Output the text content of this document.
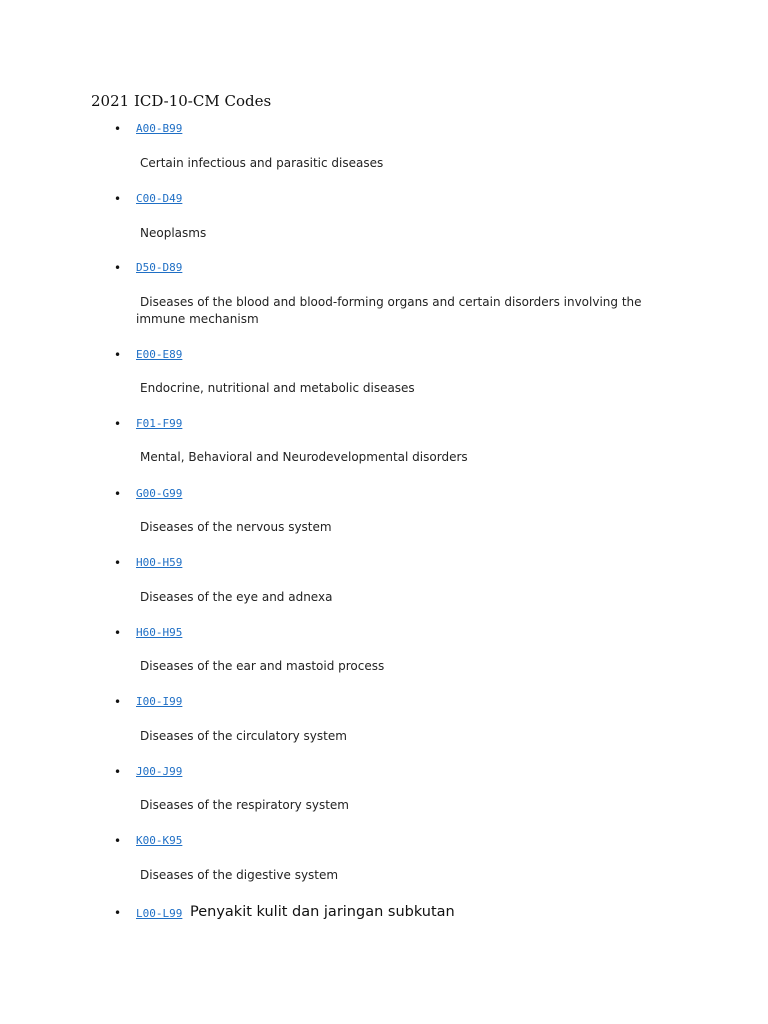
2021 ICD-10-CM Codes
• A00-B99

Certain infectious and parasitic diseases

• C00-D49

Neoplasms

• D50-D89

Diseases of the blood and blood-forming organs and certain disorders involving the

immune mechanism

• E00-E89

Endocrine, nutritional and metabolic diseases

• F01-F99

Mental, Behavioral and Neurodevelopmental disorders

• G00-G99

Diseases of the nervous system

• H00-H59

Diseases of the eye and adnexa

• H60-H95

Diseases of the ear and mastoid process

• I00-I99

Diseases of the circulatory system

• J00-J99

Diseases of the respiratory system

• K00-K95

Diseases of the digestive system

• L00-L99 Penyakit kulit dan jaringan subkutan
